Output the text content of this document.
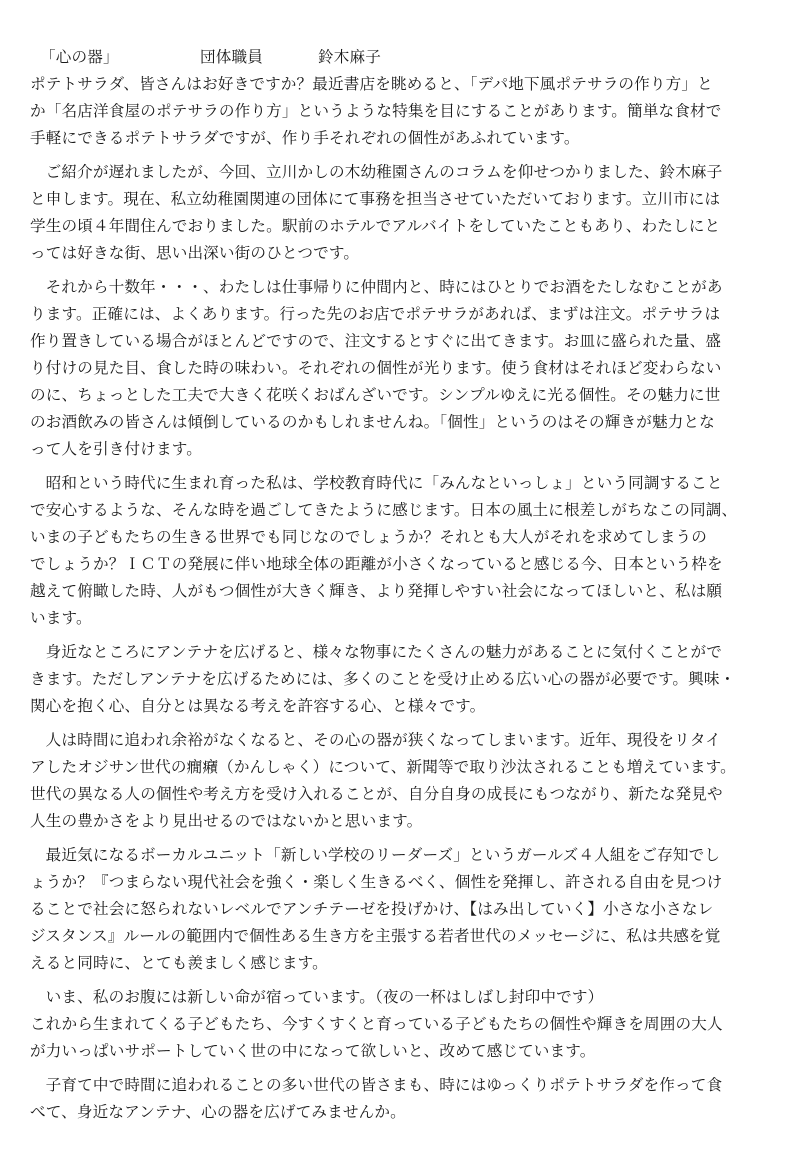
「心の器」	団体職員	鈴木麻子
ポテトサラダ、皆さんはお好きですか？最近書店を眺めると、「デパ地下風ポテサラの作り方」と
か「名店洋食屋のポテサラの作り方」というような特集を目にすることがあります。簡単な食材で
手軽にできるポテトサラダですが、作り手それぞれの個性があふれています。
ご紹介が遅れましたが、今回、立川かしの木幼稚園さんのコラムを仰せつかりました、鈴木麻子
と申します。現在、私立幼稚園関連の団体にて事務を担当させていただいております。立川市には
学生の頃４年間住んでおりました。駅前のホテルでアルバイトをしていたこともあり、わたしにと
っては好きな街、思い出深い街のひとつです。
それから十数年・・・、わたしは仕事帰りに仲間内と、時にはひとりでお酒をたしなむことがあ
ります。正確には、よくあります。行った先のお店でポテサラがあれば、まずは注文。ポテサラは
作り置きしている場合がほとんどですので、注文するとすぐに出てきます。お皿に盛られた量、盛
り付けの見た目、食した時の味わい。それぞれの個性が光ります。使う食材はそれほど変わらない
のに、ちょっとした工夫で大きく花咲くおばんざいです。シンプルゆえに光る個性。その魅力に世
のお酒飲みの皆さんは傾倒しているのかもしれませんね。「個性」というのはその輝きが魅力とな
って人を引き付けます。
昭和という時代に生まれ育った私は、学校教育時代に「みんなといっしょ」という同調すること
で安心するような、そんな時を過ごしてきたように感じます。日本の風土に根差しがちなこの同調、
いまの子どもたちの生きる世界でも同じなのでしょうか？それとも大人がそれを求めてしまうの
でしょうか？ＩＣＴの発展に伴い地球全体の距離が小さくなっていると感じる今、日本という枠を
越えて俯瞰した時、人がもつ個性が大きく輝き、より発揮しやすい社会になってほしいと、私は願
います。
身近なところにアンテナを広げると、様々な物事にたくさんの魅力があることに気付くことがで
きます。ただしアンテナを広げるためには、多くのことを受け止める広い心の器が必要です。興味・
関心を抱く心、自分とは異なる考えを許容する心、と様々です。
人は時間に追われ余裕がなくなると、その心の器が狭くなってしまいます。近年、現役をリタイ
アしたオジサン世代の癇癪（かんしゃく）について、新聞等で取り沙汰されることも増えています。
世代の異なる人の個性や考え方を受け入れることが、自分自身の成長にもつながり、新たな発見や
人生の豊かさをより見出せるのではないかと思います。
最近気になるボーカルユニット「新しい学校のリーダーズ」というガールズ４人組をご存知でし
ょうか？『つまらない現代社会を強く・楽しく生きるべく、個性を発揮し、許される自由を見つけ
ることで社会に怒られないレベルでアンチテーゼを投げかけ、【はみ出していく】小さな小さなレ
ジスタンス』ルールの範囲内で個性ある生き方を主張する若者世代のメッセージに、私は共感を覚
えると同時に、とても羨ましく感じます。
いま、私のお腹には新しい命が宿っています。（夜の一杯はしばし封印中です）
これから生まれてくる子どもたち、今すくすくと育っている子どもたちの個性や輝きを周囲の大人
が力いっぱいサポートしていく世の中になって欲しいと、改めて感じています。
子育て中で時間に追われることの多い世代の皆さまも、時にはゆっくりポテトサラダを作って食
べて、身近なアンテナ、心の器を広げてみませんか。
